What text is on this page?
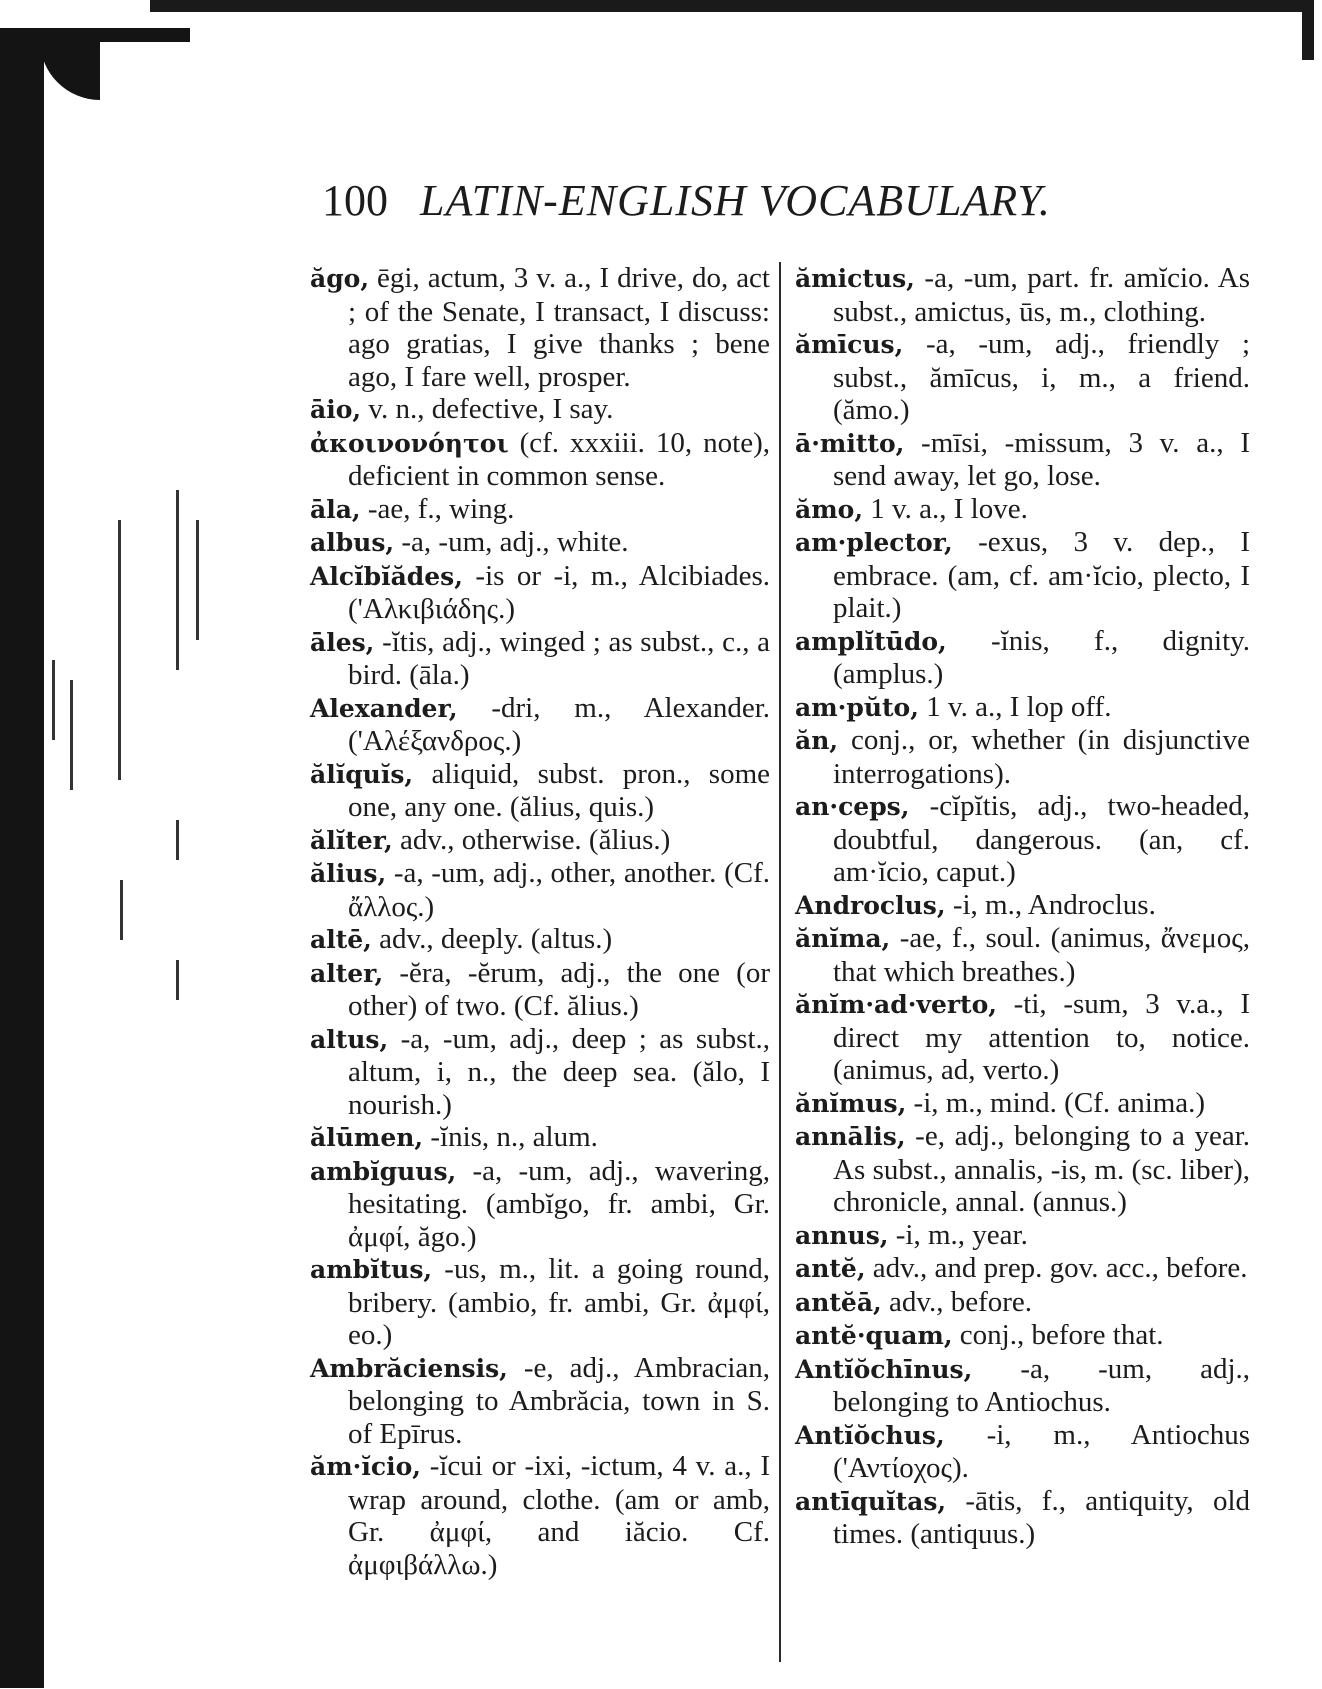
100 LATIN-ENGLISH VOCABULARY.
ăgo, ēgi, actum, 3 v. a., I drive, do, act ; of the Senate, I transact, I discuss: ago gratias, I give thanks ; bene ago, I fare well, prosper.
āio, v. n., defective, I say.
ἀκοινονόητοι (cf. xxxiii. 10, note), deficient in common sense.
āla, -ae, f., wing.
albus, -a, -um, adj., white.
Alcĭbĭădes, -is or -i, m., Alcibiades. ('Αλκιβιάδης.)
āles, -ĭtis, adj., winged ; as subst., c., a bird. (āla.)
Alexander, -dri, m., Alexander. ('Αλέξανδρος.)
ălĭquĭs, aliquid, subst. pron., some one, any one. (ălius, quis.)
ălĭter, adv., otherwise. (ălius.)
ălius, -a, -um, adj., other, another. (Cf. ἄλλος.)
altē, adv., deeply. (altus.)
alter, -ĕra, -ĕrum, adj., the one (or other) of two. (Cf. ălius.)
altus, -a, -um, adj., deep ; as subst., altum, i, n., the deep sea. (ălo, I nourish.)
ălūmen, -ĭnis, n., alum.
ambĭguus, -a, -um, adj., wavering, hesitating. (ambĭgo, fr. ambi, Gr. ἀμφί, ăgo.)
ambĭtus, -us, m., lit. a going round, bribery. (ambio, fr. ambi, Gr. ἀμφί, eo.)
Ambrăciensis, -e, adj., Ambracian, belonging to Ambrăcia, town in S. of Epīrus.
ăm·ĭcio, -ĭcui or -ixi, -ictum, 4 v. a., I wrap around, clothe. (am or amb, Gr. ἀμφί, and iăcio. Cf. ἀμφιβάλλω.)
ămictus, -a, -um, part. fr. amĭcio. As subst., amictus, ūs, m., clothing.
ămīcus, -a, -um, adj., friendly ; subst., ămīcus, i, m., a friend. (ămo.)
ā·mitto, -mīsi, -missum, 3 v. a., I send away, let go, lose.
ămo, 1 v. a., I love.
am·plector, -exus, 3 v. dep., I embrace. (am, cf. am·ĭcio, plecto, I plait.)
amplĭtūdo, -ĭnis, f., dignity. (amplus.)
am·pŭto, 1 v. a., I lop off.
ăn, conj., or, whether (in disjunctive interrogations).
an·ceps, -cĭpĭtis, adj., two-headed, doubtful, dangerous. (an, cf. am·ĭcio, caput.)
Androclus, -i, m., Androclus.
ănĭma, -ae, f., soul. (animus, ἄνεμος, that which breathes.)
ănĭm·ad·verto, -ti, -sum, 3 v.a., I direct my attention to, notice. (animus, ad, verto.)
ănĭmus, -i, m., mind. (Cf. anima.)
annālis, -e, adj., belonging to a year. As subst., annalis, -is, m. (sc. liber), chronicle, annal. (annus.)
annus, -i, m., year.
antĕ, adv., and prep. gov. acc., before.
antĕā, adv., before.
antĕ·quam, conj., before that.
Antĭŏchīnus, -a, -um, adj., belonging to Antiochus.
Antĭŏchus, -i, m., Antiochus ('Αντίοχος).
antīquĭtas, -ātis, f., antiquity, old times. (antiquus.)
